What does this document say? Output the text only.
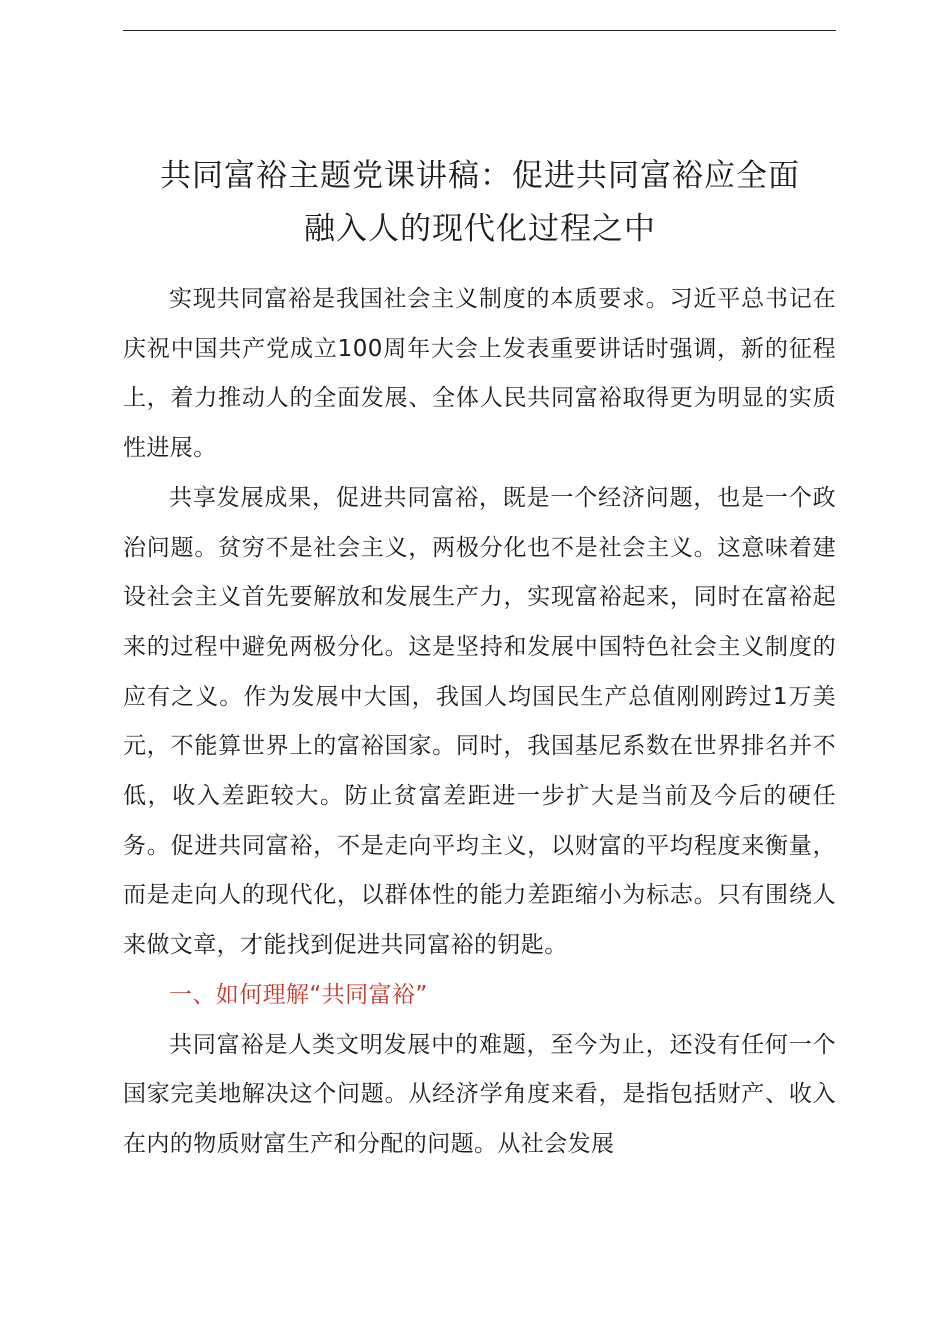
共同富裕主题党课讲稿：促进共同富裕应全面
融入人的现代化过程之中

实现共同富裕是我国社会主义制度的本质要求。习近平总书记在庆祝中国共产党成立100周年大会上发表重要讲话时强调，新的征程上，着力推动人的全面发展、全体人民共同富裕取得更为明显的实质性进展。

共享发展成果，促进共同富裕，既是一个经济问题，也是一个政治问题。贫穷不是社会主义，两极分化也不是社会主义。这意味着建设社会主义首先要解放和发展生产力，实现富裕起来，同时在富裕起来的过程中避免两极分化。这是坚持和发展中国特色社会主义制度的应有之义。作为发展中大国，我国人均国民生产总值刚刚跨过1万美元，不能算世界上的富裕国家。同时，我国基尼系数在世界排名并不低，收入差距较大。防止贫富差距进一步扩大是当前及今后的硬任务。促进共同富裕，不是走向平均主义，以财富的平均程度来衡量，而是走向人的现代化，以群体性的能力差距缩小为标志。只有围绕人来做文章，才能找到促进共同富裕的钥匙。

一、如何理解“共同富裕”

共同富裕是人类文明发展中的难题，至今为止，还没有任何一个国家完美地解决这个问题。从经济学角度来看，是指包括财产、收入在内的物质财富生产和分配的问题。从社会发展
